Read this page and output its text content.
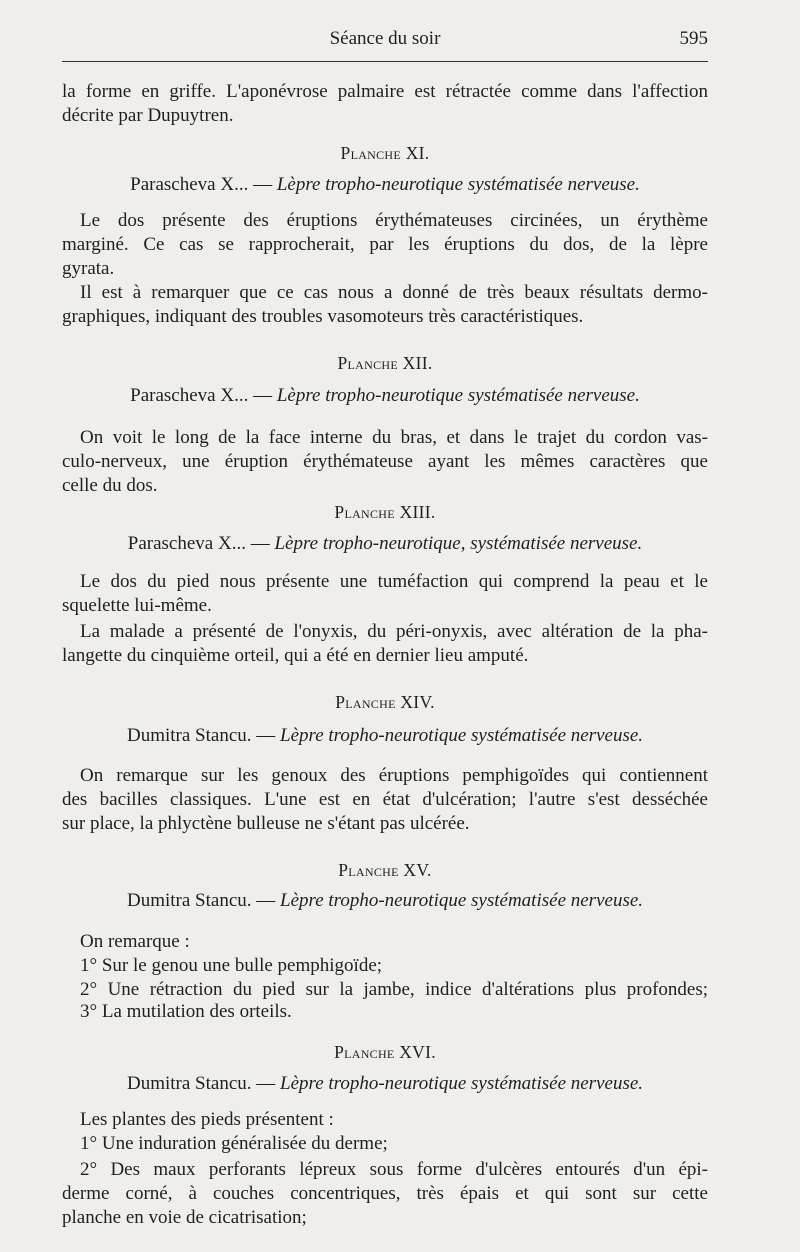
Séance du soir	595
la forme en griffe. L'aponévrose palmaire est rétractée comme dans l'affection
décrite par Dupuytren.
Planche XI.
Parascheva X... — Lèpre tropho-neurotique systématisée nerveuse.
Le dos présente des éruptions érythémateuses circinées, un érythème
marginé. Ce cas se rapprocherait, par les éruptions du dos, de la lèpre
gyrata.
Il est à remarquer que ce cas nous a donné de très beaux résultats dermo-
graphiques, indiquant des troubles vasomoteurs très caractéristiques.
Planche XII.
Parascheva X... — Lèpre tropho-neurotique systématisée nerveuse.
On voit le long de la face interne du bras, et dans le trajet du cordon vas-
culo-nerveux, une éruption érythémateuse ayant les mêmes caractères que
celle du dos.
Planche XIII.
Parascheva X... — Lèpre tropho-neurotique, systématisée nerveuse.
Le dos du pied nous présente une tuméfaction qui comprend la peau et le
squelette lui-même.
La malade a présenté de l'onyxis, du péri-onyxis, avec altération de la pha-
langette du cinquième orteil, qui a été en dernier lieu amputé.
Planche XIV.
Dumitra Stancu. — Lèpre tropho-neurotique systématisée nerveuse.
On remarque sur les genoux des éruptions pemphigoïdes qui contiennent
des bacilles classiques. L'une est en état d'ulcération; l'autre s'est desséchée
sur place, la phlyctène bulleuse ne s'étant pas ulcérée.
Planche XV.
Dumitra Stancu. — Lèpre tropho-neurotique systématisée nerveuse.
On remarque :
1° Sur le genou une bulle pemphigoïde;
2° Une rétraction du pied sur la jambe, indice d'altérations plus profondes;
3° La mutilation des orteils.
Planche XVI.
Dumitra Stancu. — Lèpre tropho-neurotique systématisée nerveuse.
Les plantes des pieds présentent :
1° Une induration généralisée du derme;
2° Des maux perforants lépreux sous forme d'ulcères entourés d'un épi-
derme corné, à couches concentriques, très épais et qui sont sur cette
planche en voie de cicatrisation;
